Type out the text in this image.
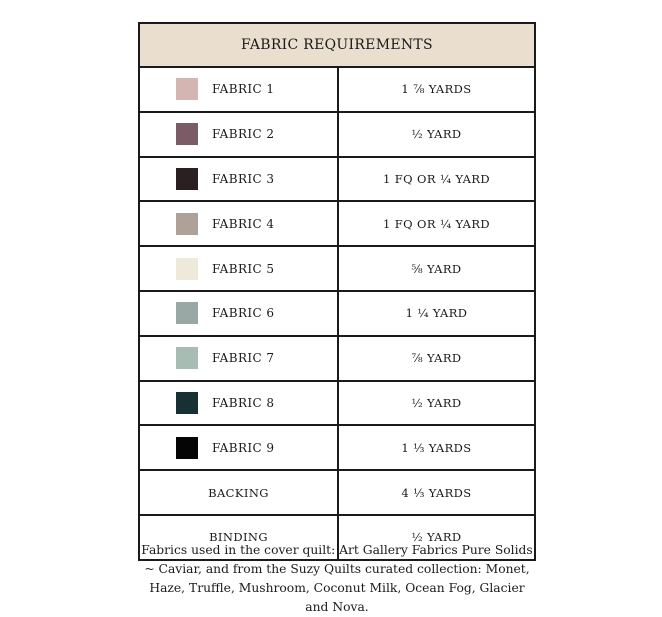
FABRIC REQUIREMENTS
FABRIC 1	1 ⅞ YARDS
FABRIC 2	½ YARD
FABRIC 3	1 FQ OR ¼ YARD
FABRIC 4	1 FQ OR ¼ YARD
FABRIC 5	⅝ YARD
FABRIC 6	1 ¼ YARD
FABRIC 7	⅞ YARD
FABRIC 8	½ YARD
FABRIC 9	1 ⅓ YARDS
BACKING	4 ⅓ YARDS
BINDING	½ YARD
Fabrics used in the cover quilt: Art Gallery Fabrics Pure Solids ~ Caviar, and from the Suzy Quilts curated collection: Monet, Haze, Truffle, Mushroom, Coconut Milk, Ocean Fog, Glacier and Nova.
